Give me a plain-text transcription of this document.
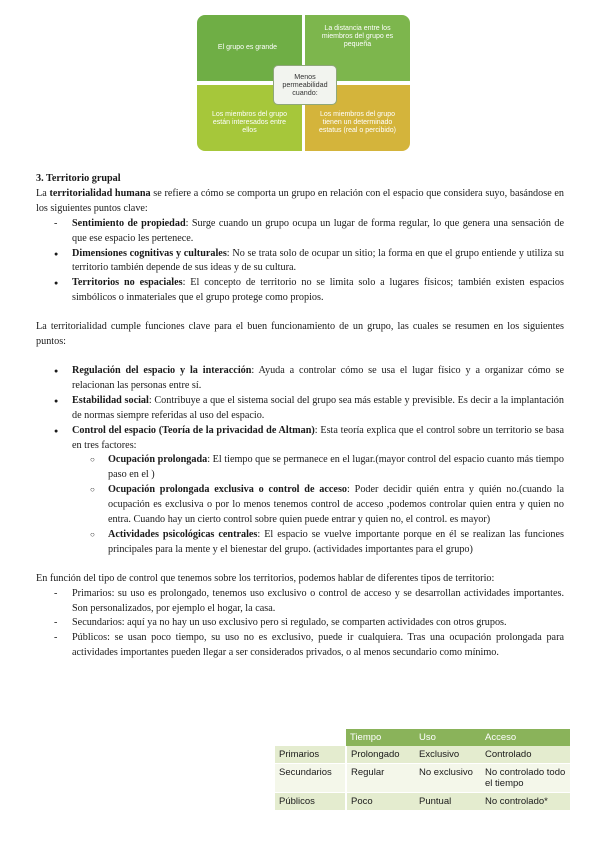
El grupo es grande
La distancia entre los miembros del grupo es pequeña
Los miembros del grupo están interesados entre ellos
Los miembros del grupo tienen un determinado estatus (real o percibido)
Menos permeabilidad cuando:
3. Territorio grupal

La territorialidad humana se refiere a cómo se comporta un grupo en relación con el espacio que considera suyo, basándose en los siguientes puntos clave:

- Sentimiento de propiedad: Surge cuando un grupo ocupa un lugar de forma regular, lo que genera una sensación de que ese espacio les pertenece.
● Dimensiones cognitivas y culturales: No se trata solo de ocupar un sitio; la forma en que el grupo entiende y utiliza su territorio también depende de sus ideas y de su cultura.
● Territorios no espaciales: El concepto de territorio no se limita solo a lugares físicos; también existen espacios simbólicos o inmateriales que el grupo protege como propios.

La territorialidad cumple funciones clave para el buen funcionamiento de un grupo, las cuales se resumen en los siguientes puntos:

● Regulación del espacio y la interacción: Ayuda a controlar cómo se usa el lugar físico y a organizar cómo se relacionan las personas entre sí.
● Estabilidad social: Contribuye a que el sistema social del grupo sea más estable y previsible. Es decir a la implantación de normas siempre referidas al uso del espacio.
● Control del espacio (Teoría de la privacidad de Altman): Esta teoría explica que el control sobre un territorio se basa en tres factores:
○ Ocupación prolongada: El tiempo que se permanece en el lugar.(mayor control del espacio cuanto más tiempo paso en el )
○ Ocupación prolongada exclusiva o control de acceso: Poder decidir quién entra y quién no.(cuando la ocupación es exclusiva o por lo menos tenemos control de acceso ,podemos controlar quien entra y quien no entra. Cuando hay un cierto control sobre quien puede entrar y quien no, el control. es mayor)
○ Actividades psicológicas centrales: El espacio se vuelve importante porque en él se realizan las funciones principales para la mente y el bienestar del grupo. (actividades importantes para el grupo)

En función del tipo de control que tenemos sobre los territorios, podemos hablar de diferentes tipos de territorio:

- Primarios: su uso es prolongado, tenemos uso exclusivo o control de acceso y se desarrollan actividades importantes. Son personalizados, por ejemplo el hogar, la casa.
- Secundarios: aquí ya no hay un uso exclusivo pero si regulado, se comparten actividades con otros grupos.
- Públicos: se usan poco tiempo, su uso no es exclusivo, puede ir cualquiera. Tras una ocupación prolongada para actividades importantes pueden llegar a ser considerados privados, o al menos secundario como mínimo.
	Tiempo	Uso	Acceso
Primarios	Prolongado	Exclusivo	Controlado
Secundarios	Regular	No exclusivo	No controlado todo el tiempo
Públicos	Poco	Puntual	No controlado*
